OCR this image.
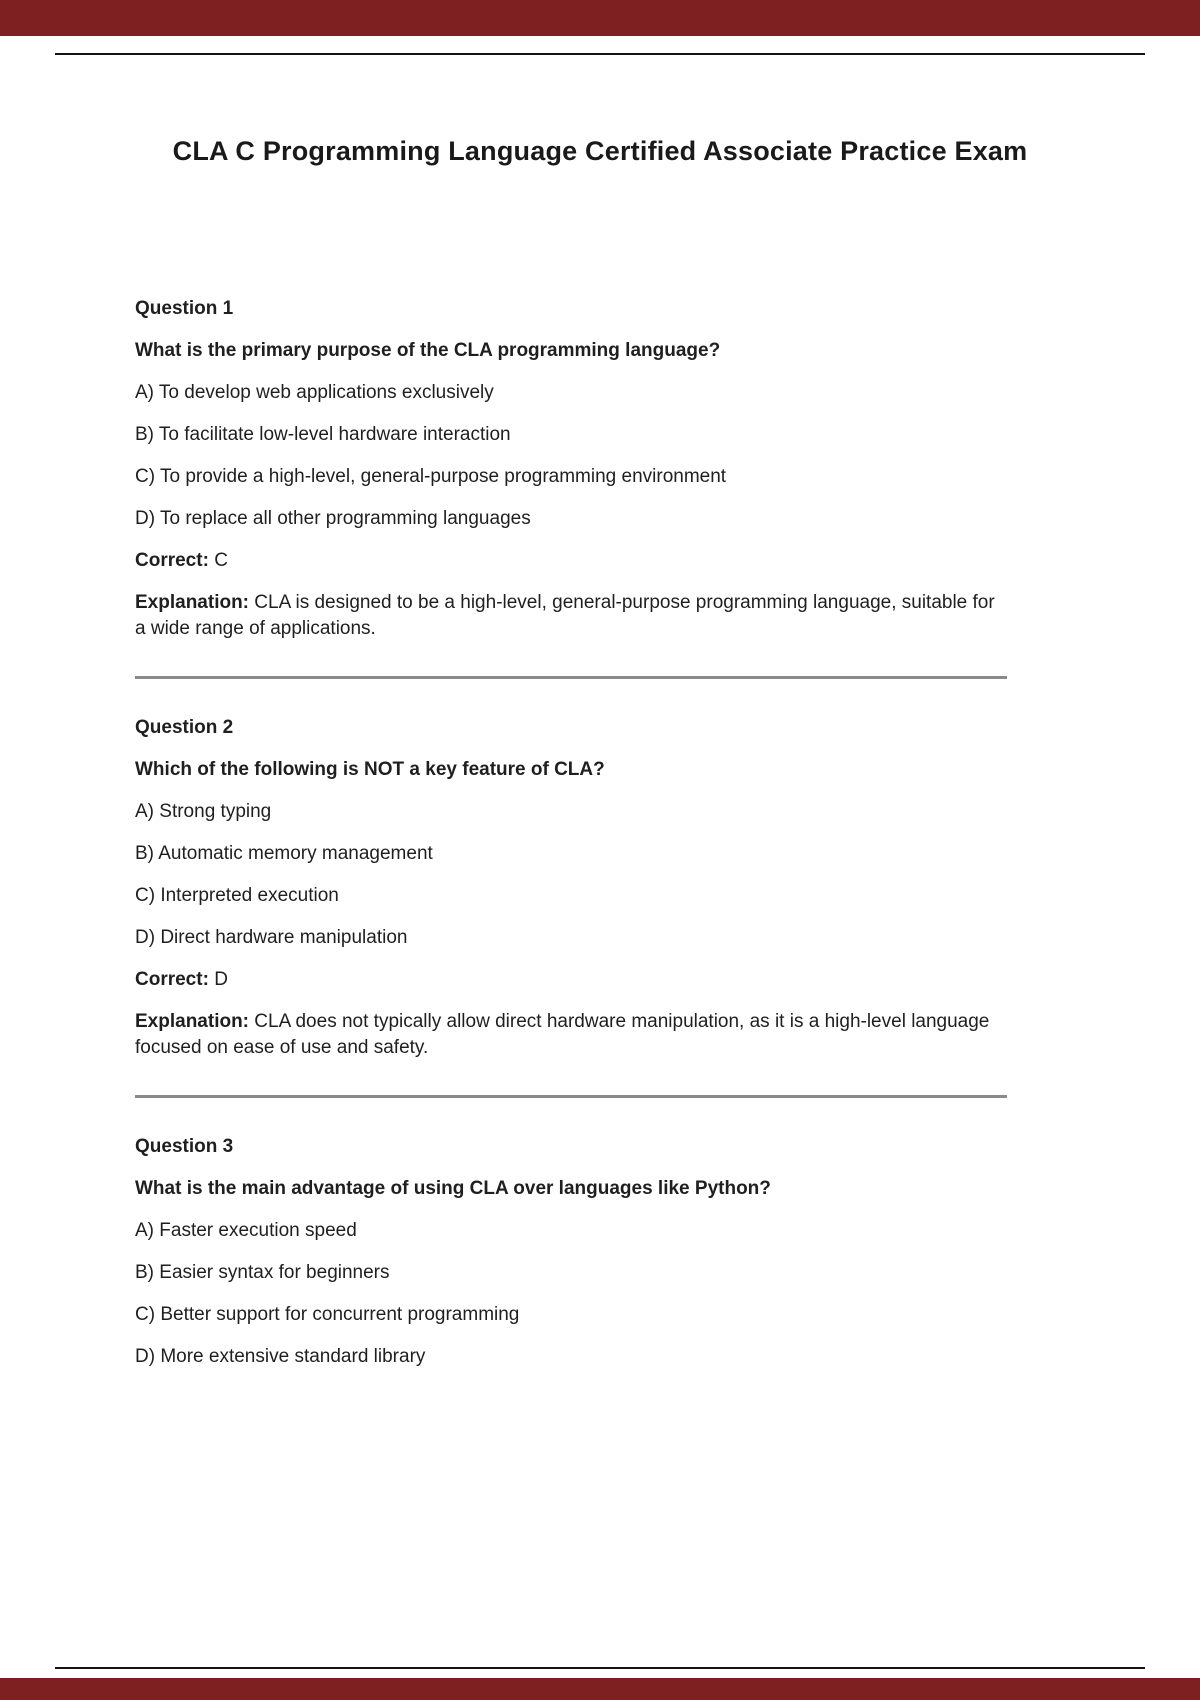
CLA C Programming Language Certified Associate Practice Exam

Question 1

What is the primary purpose of the CLA programming language?

A) To develop web applications exclusively

B) To facilitate low-level hardware interaction

C) To provide a high-level, general-purpose programming environment

D) To replace all other programming languages

Correct: C

Explanation: CLA is designed to be a high-level, general-purpose programming language, suitable for a wide range of applications.

Question 2

Which of the following is NOT a key feature of CLA?

A) Strong typing

B) Automatic memory management

C) Interpreted execution

D) Direct hardware manipulation

Correct: D

Explanation: CLA does not typically allow direct hardware manipulation, as it is a high-level language focused on ease of use and safety.

Question 3

What is the main advantage of using CLA over languages like Python?

A) Faster execution speed

B) Easier syntax for beginners

C) Better support for concurrent programming

D) More extensive standard library
